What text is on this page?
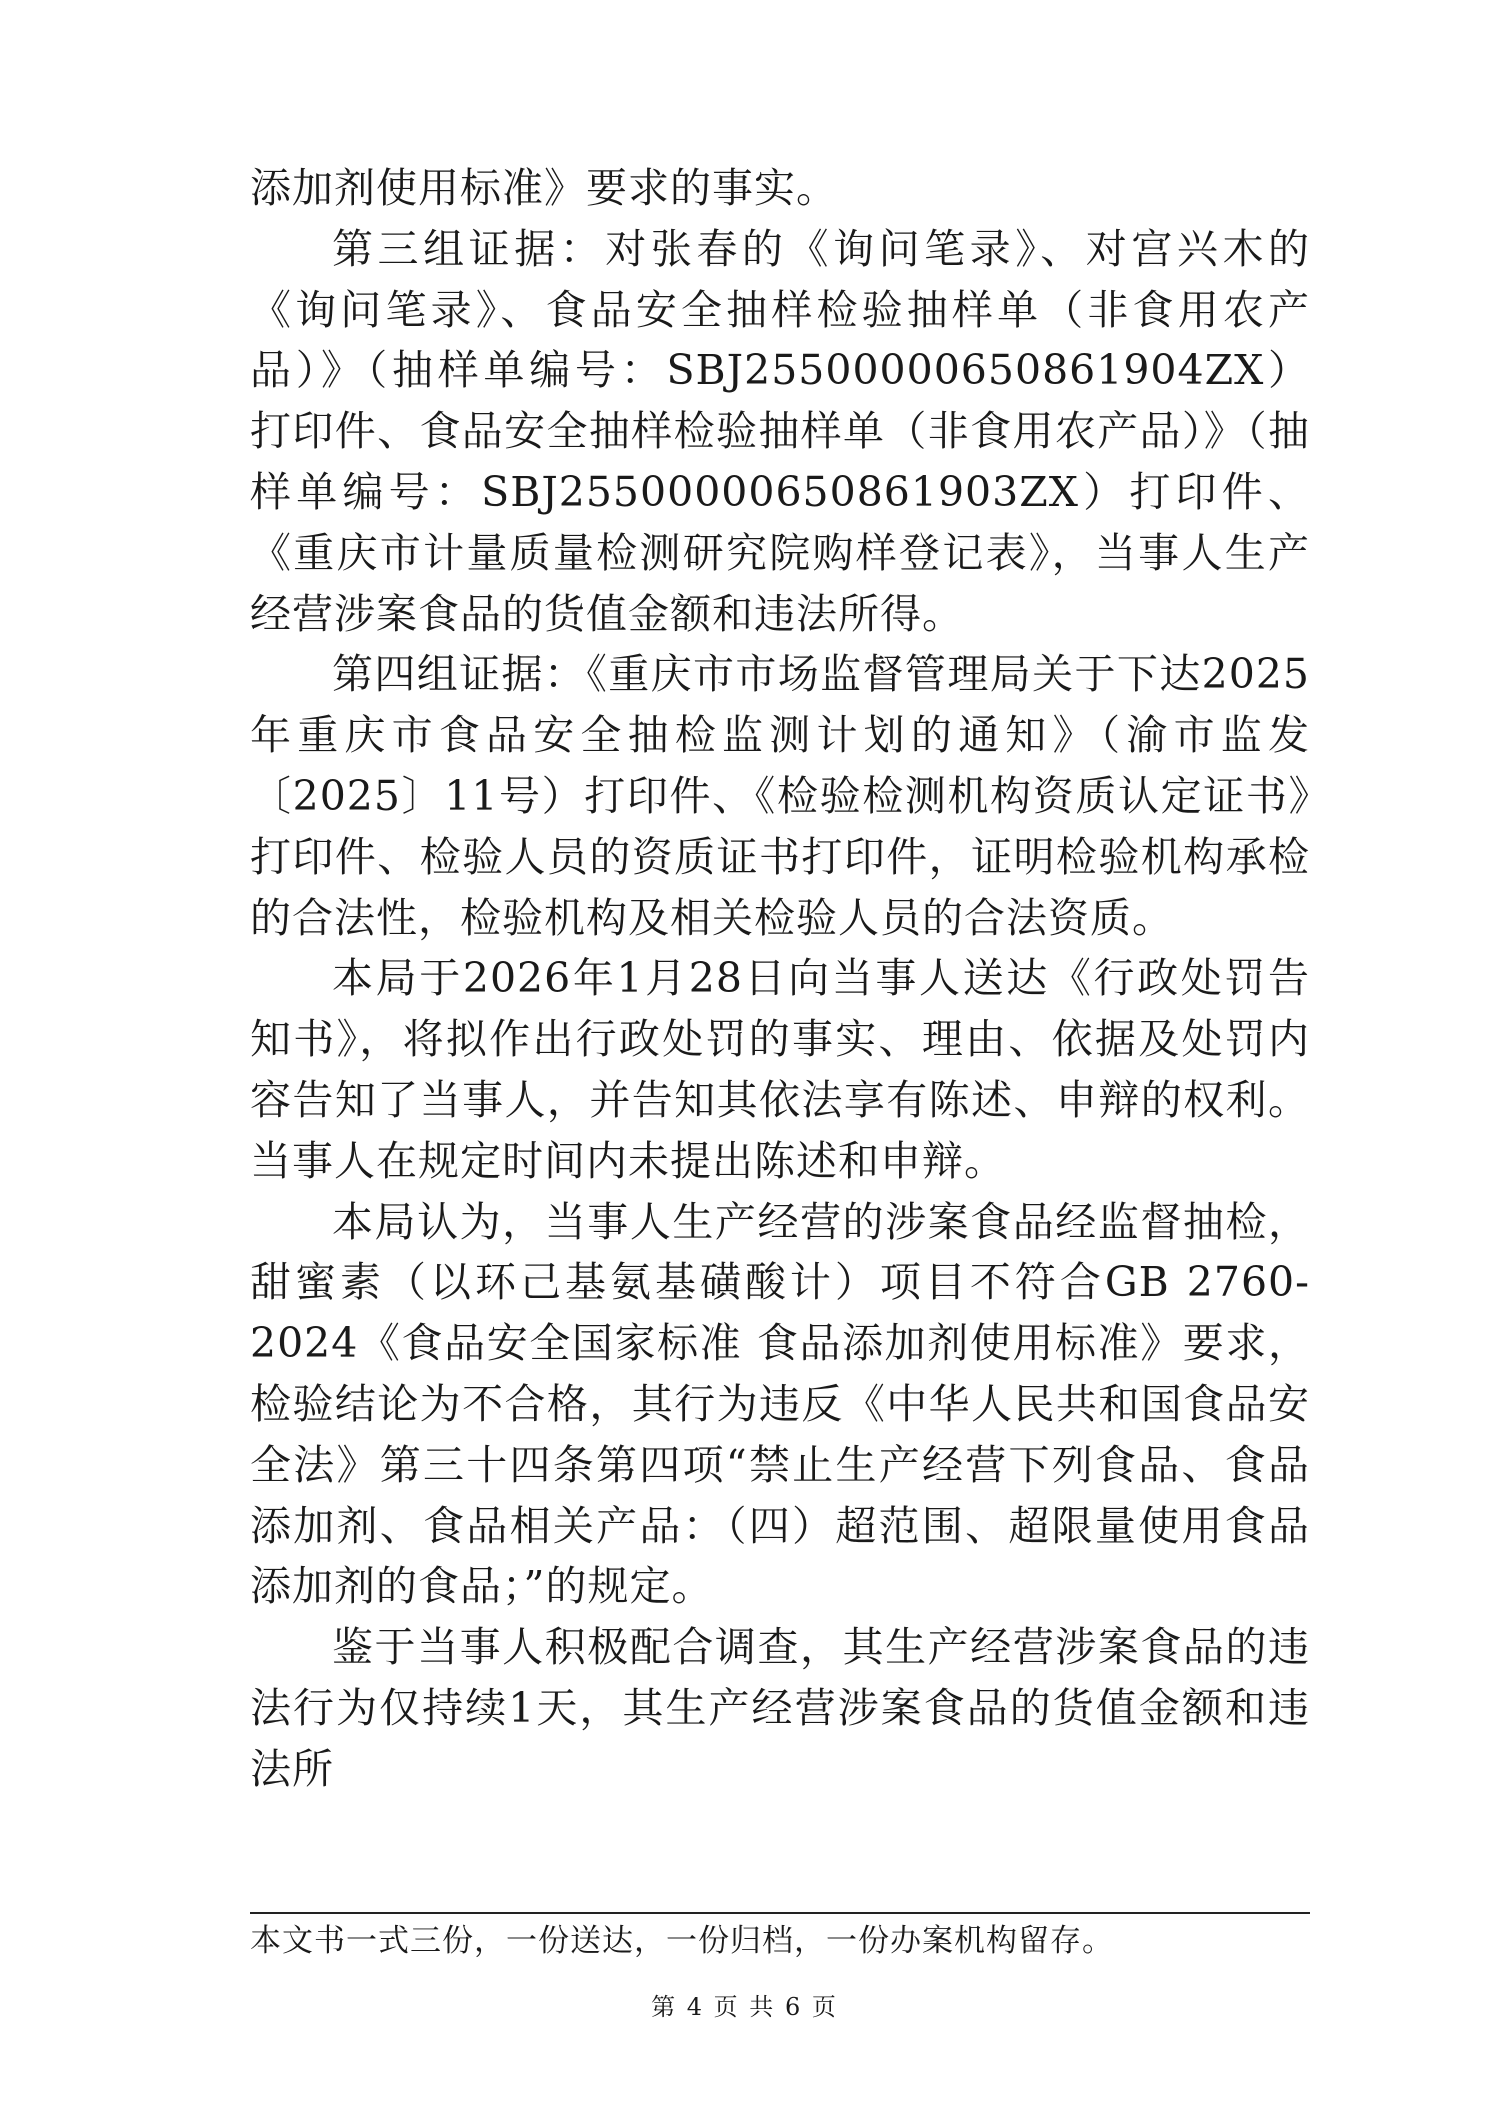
添加剂使用标准》要求的事实。

第三组证据：对张春的《询问笔录》、对宫兴木的《询问笔录》、食品安全抽样检验抽样单（非食用农产品）》（抽样单编号：SBJ25500000650861904ZX）打印件、食品安全抽样检验抽样单（非食用农产品）》（抽样单编号：SBJ25500000650861903ZX）打印件、《重庆市计量质量检测研究院购样登记表》，当事人生产经营涉案食品的货值金额和违法所得。

第四组证据：《重庆市市场监督管理局关于下达2025年重庆市食品安全抽检监测计划的通知》（渝市监发〔2025〕11号）打印件、《检验检测机构资质认定证书》打印件、检验人员的资质证书打印件，证明检验机构承检的合法性，检验机构及相关检验人员的合法资质。

本局于2026年1月28日向当事人送达《行政处罚告知书》，将拟作出行政处罚的事实、理由、依据及处罚内容告知了当事人，并告知其依法享有陈述、申辩的权利。当事人在规定时间内未提出陈述和申辩。

本局认为，当事人生产经营的涉案食品经监督抽检，甜蜜素（以环己基氨基磺酸计）项目不符合GB 2760-2024《食品安全国家标准 食品添加剂使用标准》要求，检验结论为不合格，其行为违反《中华人民共和国食品安全法》第三十四条第四项“禁止生产经营下列食品、食品添加剂、食品相关产品：（四）超范围、超限量使用食品添加剂的食品；”的规定。

鉴于当事人积极配合调查，其生产经营涉案食品的违法行为仅持续1天，其生产经营涉案食品的货值金额和违法所

本文书一式三份，一份送达，一份归档，一份办案机构留存。

第 4 页 共 6 页
